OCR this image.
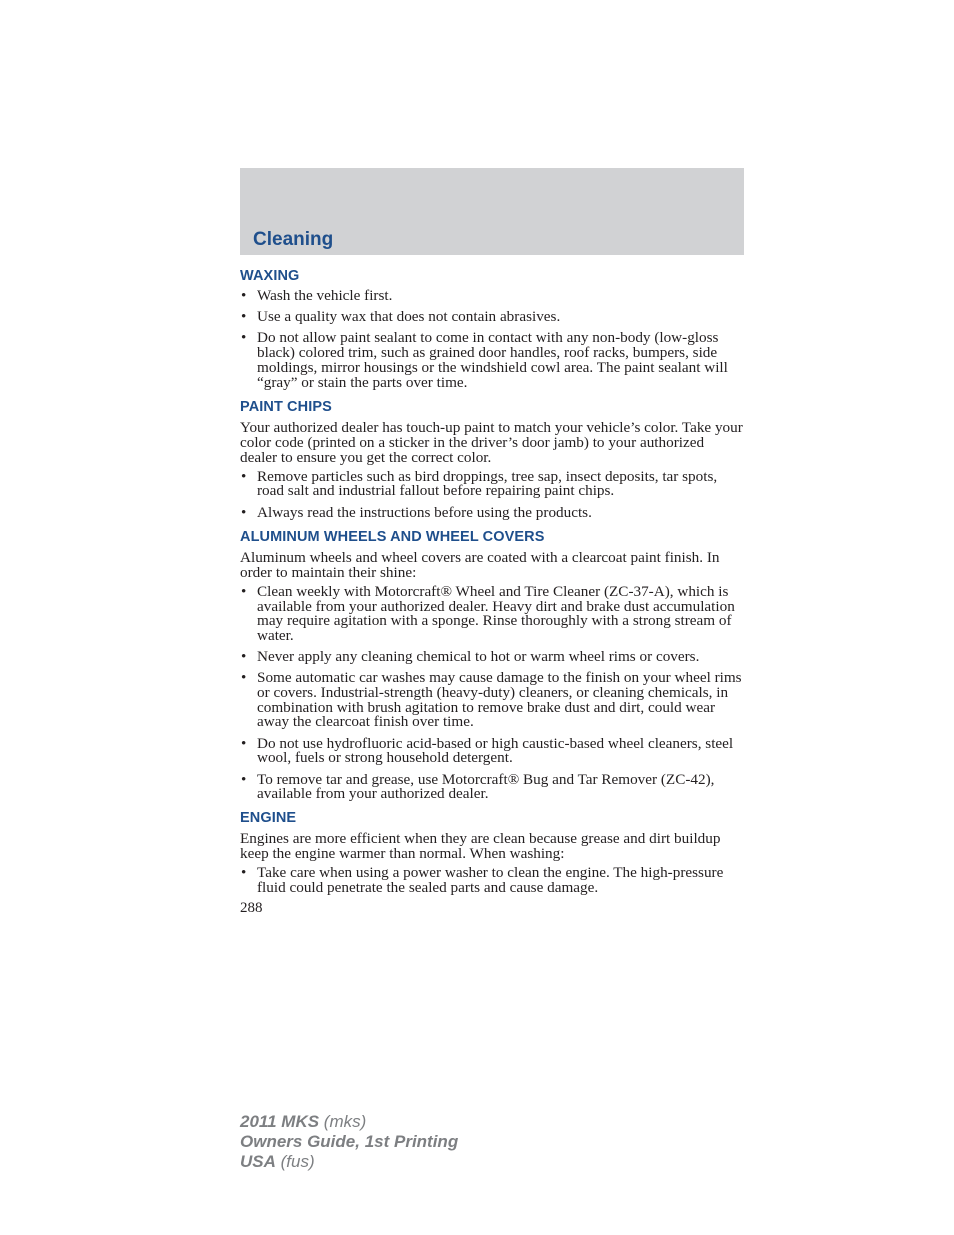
Cleaning
WAXING
• Wash the vehicle first.
• Use a quality wax that does not contain abrasives.
• Do not allow paint sealant to come in contact with any non-body (low-gloss black) colored trim, such as grained door handles, roof racks, bumpers, side moldings, mirror housings or the windshield cowl area. The paint sealant will “gray” or stain the parts over time.
PAINT CHIPS

Your authorized dealer has touch-up paint to match your vehicle’s color. Take your color code (printed on a sticker in the driver’s door jamb) to your authorized dealer to ensure you get the correct color.

• Remove particles such as bird droppings, tree sap, insect deposits, tar spots, road salt and industrial fallout before repairing paint chips.
• Always read the instructions before using the products.
ALUMINUM WHEELS AND WHEEL COVERS

Aluminum wheels and wheel covers are coated with a clearcoat paint finish. In order to maintain their shine:

• Clean weekly with Motorcraft® Wheel and Tire Cleaner (ZC-37-A), which is available from your authorized dealer. Heavy dirt and brake dust accumulation may require agitation with a sponge. Rinse thoroughly with a strong stream of water.
• Never apply any cleaning chemical to hot or warm wheel rims or covers.
• Some automatic car washes may cause damage to the finish on your wheel rims or covers. Industrial-strength (heavy-duty) cleaners, or cleaning chemicals, in combination with brush agitation to remove brake dust and dirt, could wear away the clearcoat finish over time.
• Do not use hydrofluoric acid-based or high caustic-based wheel cleaners, steel wool, fuels or strong household detergent.
• To remove tar and grease, use Motorcraft® Bug and Tar Remover (ZC-42), available from your authorized dealer.
ENGINE

Engines are more efficient when they are clean because grease and dirt buildup keep the engine warmer than normal. When washing:

• Take care when using a power washer to clean the engine. The high-pressure fluid could penetrate the sealed parts and cause damage.
288
2011 MKS (mks)
Owners Guide, 1st Printing
USA (fus)
